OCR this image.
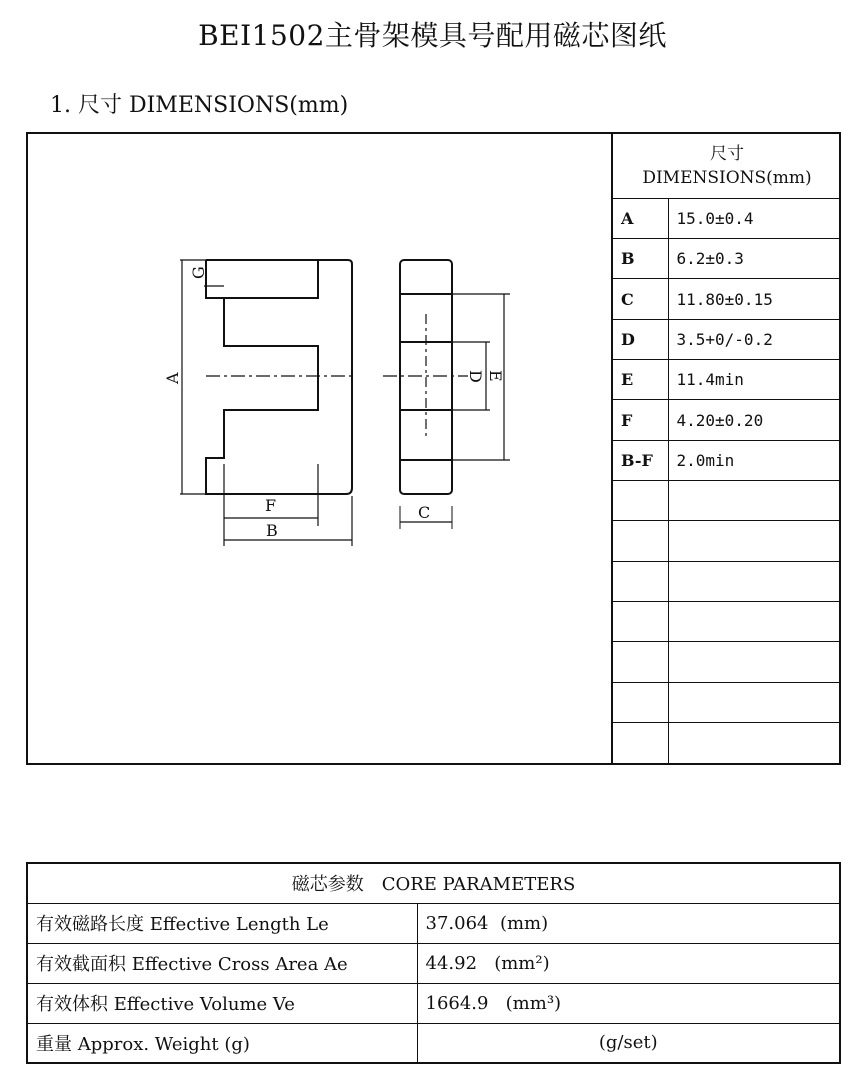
BEI1502主骨架模具号配用磁芯图纸
1. 尺寸 DIMENSIONS(mm)
A
G
F
B
C
D E
尺寸
DIMENSIONS(mm)	

A	15.0±0.4
B	6.2±0.3
C	11.80±0.15
D	3.5+0/-0.2
E	11.4min
F	4.20±0.20
B-F	2.0min

磁芯参数　CORE PARAMETERS	
有效磁路长度 Effective Length Le	37.064 (mm)
有效截面积 Effective Cross Area Ae	44.92 (mm²)
有效体积 Effective Volume Ve	1664.9 (mm³)
重量 Approx. Weight (g)	(g/set)
